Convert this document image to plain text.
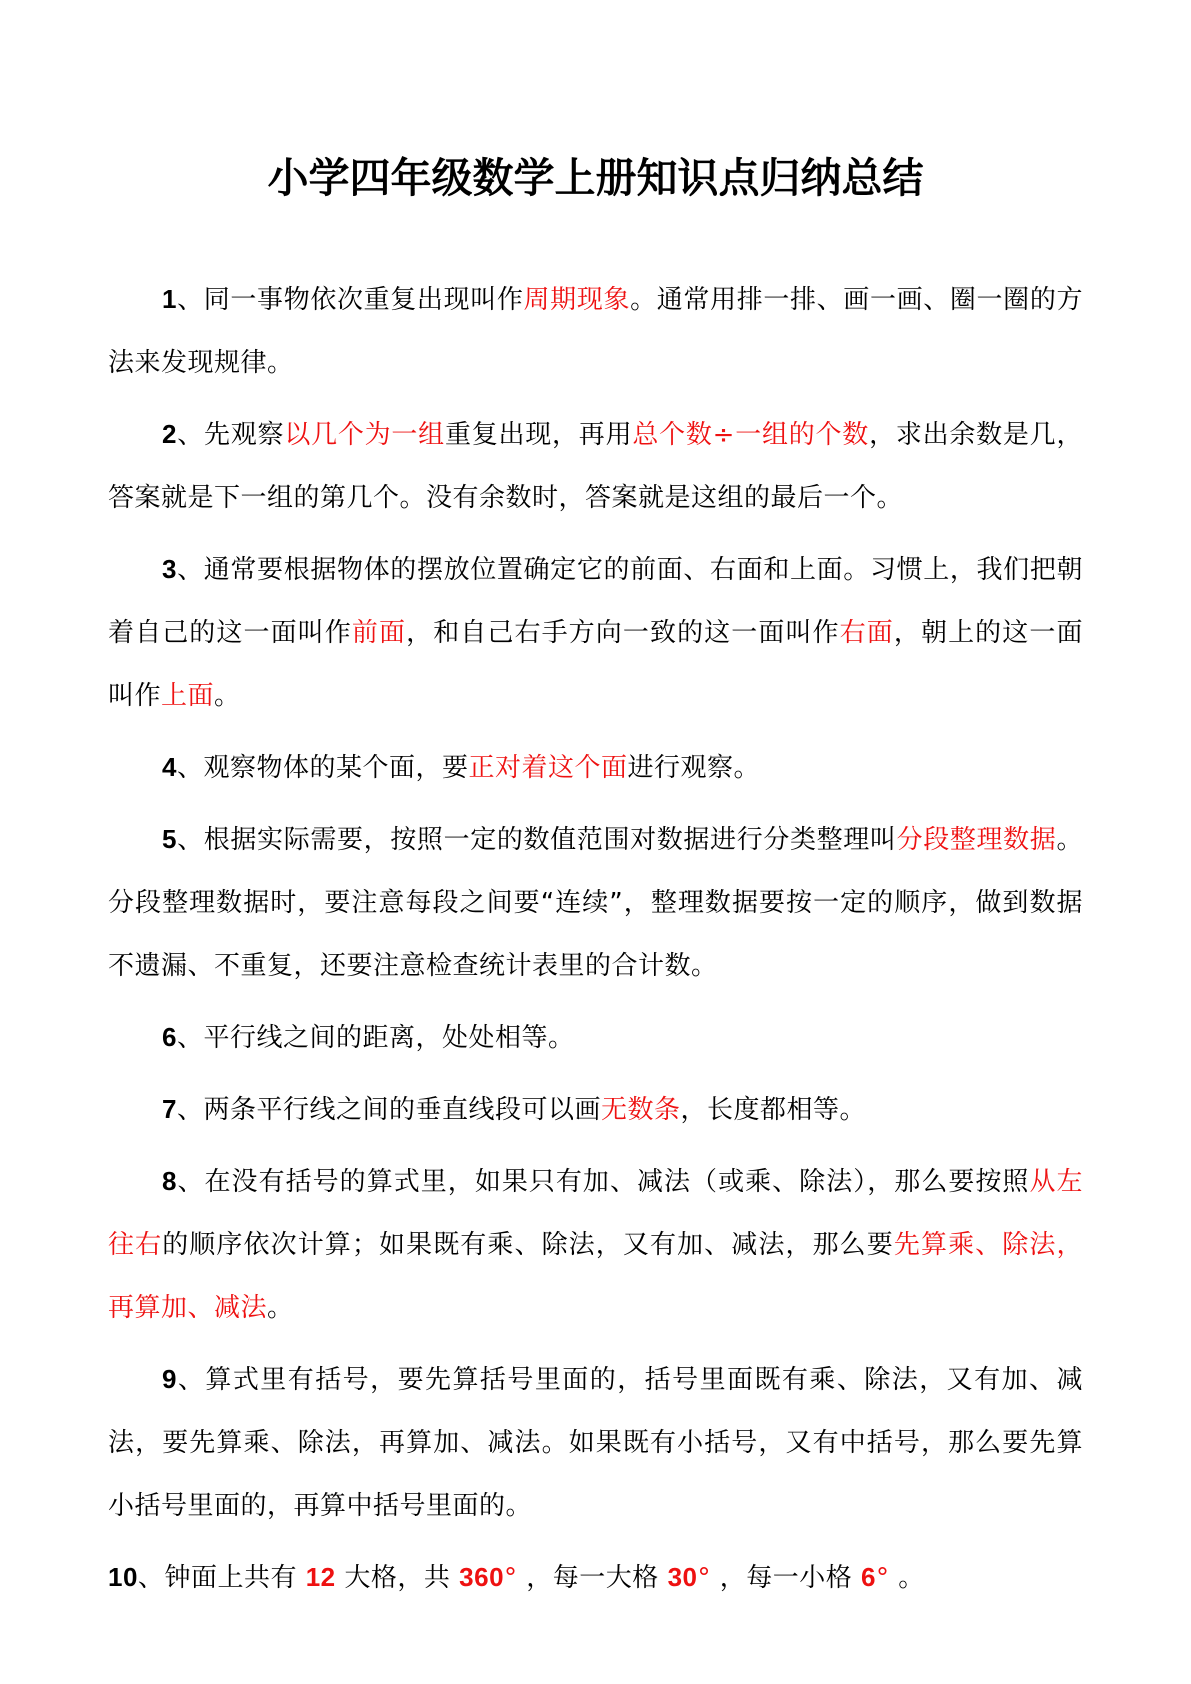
小学四年级数学上册知识点归纳总结

1、同一事物依次重复出现叫作周期现象。通常用排一排、画一画、圈一圈的方法来发现规律。

2、先观察以几个为一组重复出现，再用总个数÷一组的个数，求出余数是几，答案就是下一组的第几个。没有余数时，答案就是这组的最后一个。

3、通常要根据物体的摆放位置确定它的前面、右面和上面。习惯上，我们把朝着自己的这一面叫作前面，和自己右手方向一致的这一面叫作右面，朝上的这一面叫作上面。

4、观察物体的某个面，要正对着这个面进行观察。

5、根据实际需要，按照一定的数值范围对数据进行分类整理叫分段整理数据。分段整理数据时，要注意每段之间要“连续”，整理数据要按一定的顺序，做到数据不遗漏、不重复，还要注意检查统计表里的合计数。

6、平行线之间的距离，处处相等。

7、两条平行线之间的垂直线段可以画无数条，长度都相等。

8、在没有括号的算式里，如果只有加、减法（或乘、除法），那么要按照从左往右的顺序依次计算；如果既有乘、除法，又有加、减法，那么要先算乘、除法，再算加、减法。

9、算式里有括号，要先算括号里面的，括号里面既有乘、除法，又有加、减法，要先算乘、除法，再算加、减法。如果既有小括号，又有中括号，那么要先算小括号里面的，再算中括号里面的。

10、钟面上共有 12 大格，共 360° ，每一大格 30° ，每一小格 6° 。
